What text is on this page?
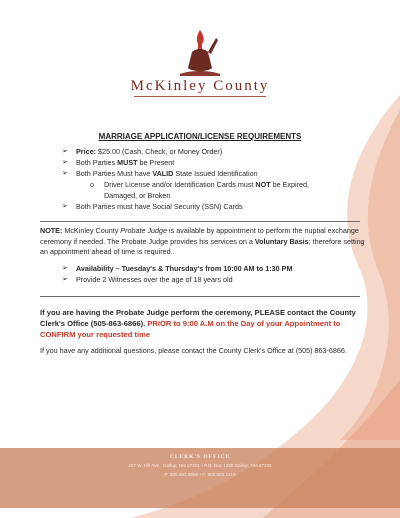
McKinley County
MARRIAGE APPLICATION/LICENSE REQUIREMENTS
➢ Price: $25.00 (Cash, Check, or Money Order)
➢ Both Parties MUST be Present
➢ Both Parties Must have VALID State Issued Identification
o Driver License and/or Identification Cards must NOT be Expired,
Damaged, or Broken
➢ Both Parties must have Social Security (SSN) Cards
NOTE: McKinley County Probate Judge is available by appointment to perform the nuptial exchange ceremony if needed. The Probate Judge provides his services on a Voluntary Basis; therefore setting an appointment ahead of time is required.
➢ Availability – Tuesday's & Thursday's from 10:00 AM to 1:30 PM
➢ Provide 2 Witnesses over the age of 18 years old
If you are having the Probate Judge perform the ceremony, PLEASE contact the County Clerk's Office (505-863-6866). PRIOR to 9:00 A.M on the Day of your Appointment to CONFIRM your requested time
If you have any additional questions, please contact the County Clerk's Office at (505) 863-6866.
CLERK'S OFFICE
207 W. Hill Ave., Gallup, NM 87301 • P.O. Box 1268 Gallup, NM 87305
P: 505.863.6866 • F: 505.863.1419
